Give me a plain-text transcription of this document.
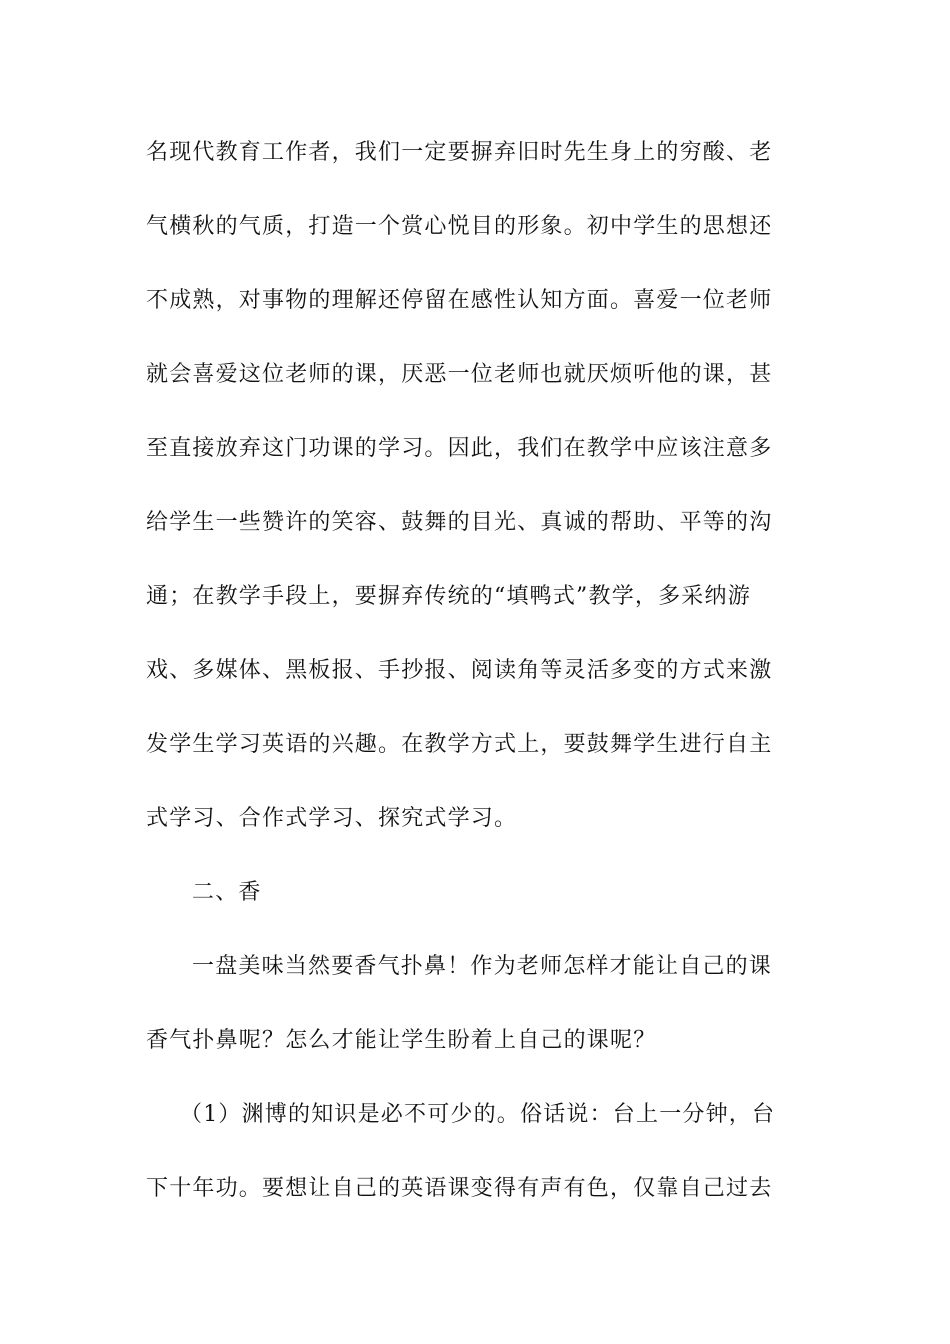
名现代教育工作者，我们一定要摒弃旧时先生身上的穷酸、老
气横秋的气质，打造一个赏心悦目的形象。初中学生的思想还
不成熟，对事物的理解还停留在感性认知方面。喜爱一位老师
就会喜爱这位老师的课，厌恶一位老师也就厌烦听他的课，甚
至直接放弃这门功课的学习。因此，我们在教学中应该注意多
给学生一些赞许的笑容、鼓舞的目光、真诚的帮助、平等的沟
通；在教学手段上，要摒弃传统的“填鸭式”教学，多采纳游
戏、多媒体、黑板报、手抄报、阅读角等灵活多变的方式来激
发学生学习英语的兴趣。在教学方式上，要鼓舞学生进行自主
式学习、合作式学习、探究式学习。
二、香
一盘美味当然要香气扑鼻！作为老师怎样才能让自己的课
香气扑鼻呢？怎么才能让学生盼着上自己的课呢？
（1）渊博的知识是必不可少的。俗话说：台上一分钟，台
下十年功。要想让自己的英语课变得有声有色，仅靠自己过去
